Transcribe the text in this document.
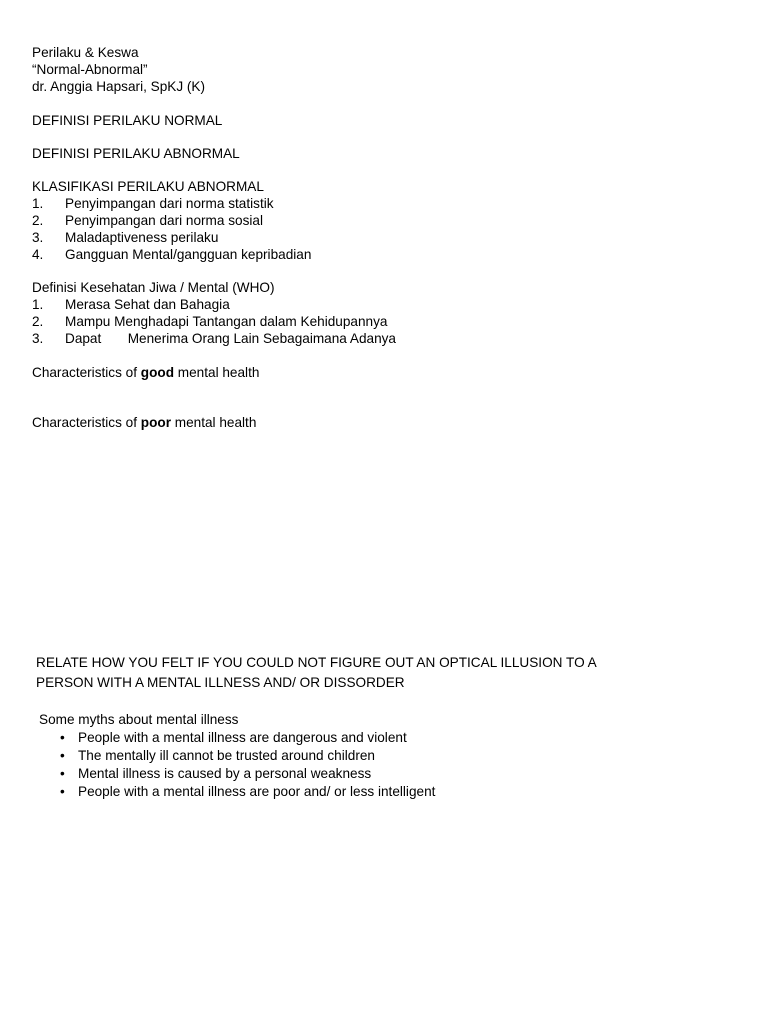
Perilaku & Keswa
“Normal-Abnormal”
dr. Anggia Hapsari, SpKJ (K)
DEFINISI PERILAKU NORMAL
DEFINISI PERILAKU ABNORMAL
KLASIFIKASI PERILAKU ABNORMAL
1. Penyimpangan dari norma statistik
2. Penyimpangan dari norma sosial
3. Maladaptiveness perilaku
4. Gangguan Mental/gangguan kepribadian
Definisi Kesehatan Jiwa / Mental (WHO)
1. Merasa Sehat dan Bahagia
2. Mampu Menghadapi Tantangan dalam Kehidupannya
3. Dapat       Menerima Orang Lain Sebagaimana Adanya
Characteristics of good mental health
Characteristics of poor mental health
RELATE HOW YOU FELT IF YOU COULD NOT FIGURE OUT AN OPTICAL ILLUSION TO A PERSON WITH A MENTAL ILLNESS AND/ OR DISSORDER
Some myths about mental illness
• People with a mental illness are dangerous and violent
• The mentally ill cannot be trusted around children
• Mental illness is caused by a personal weakness
• People with a mental illness are poor and/ or less intelligent
